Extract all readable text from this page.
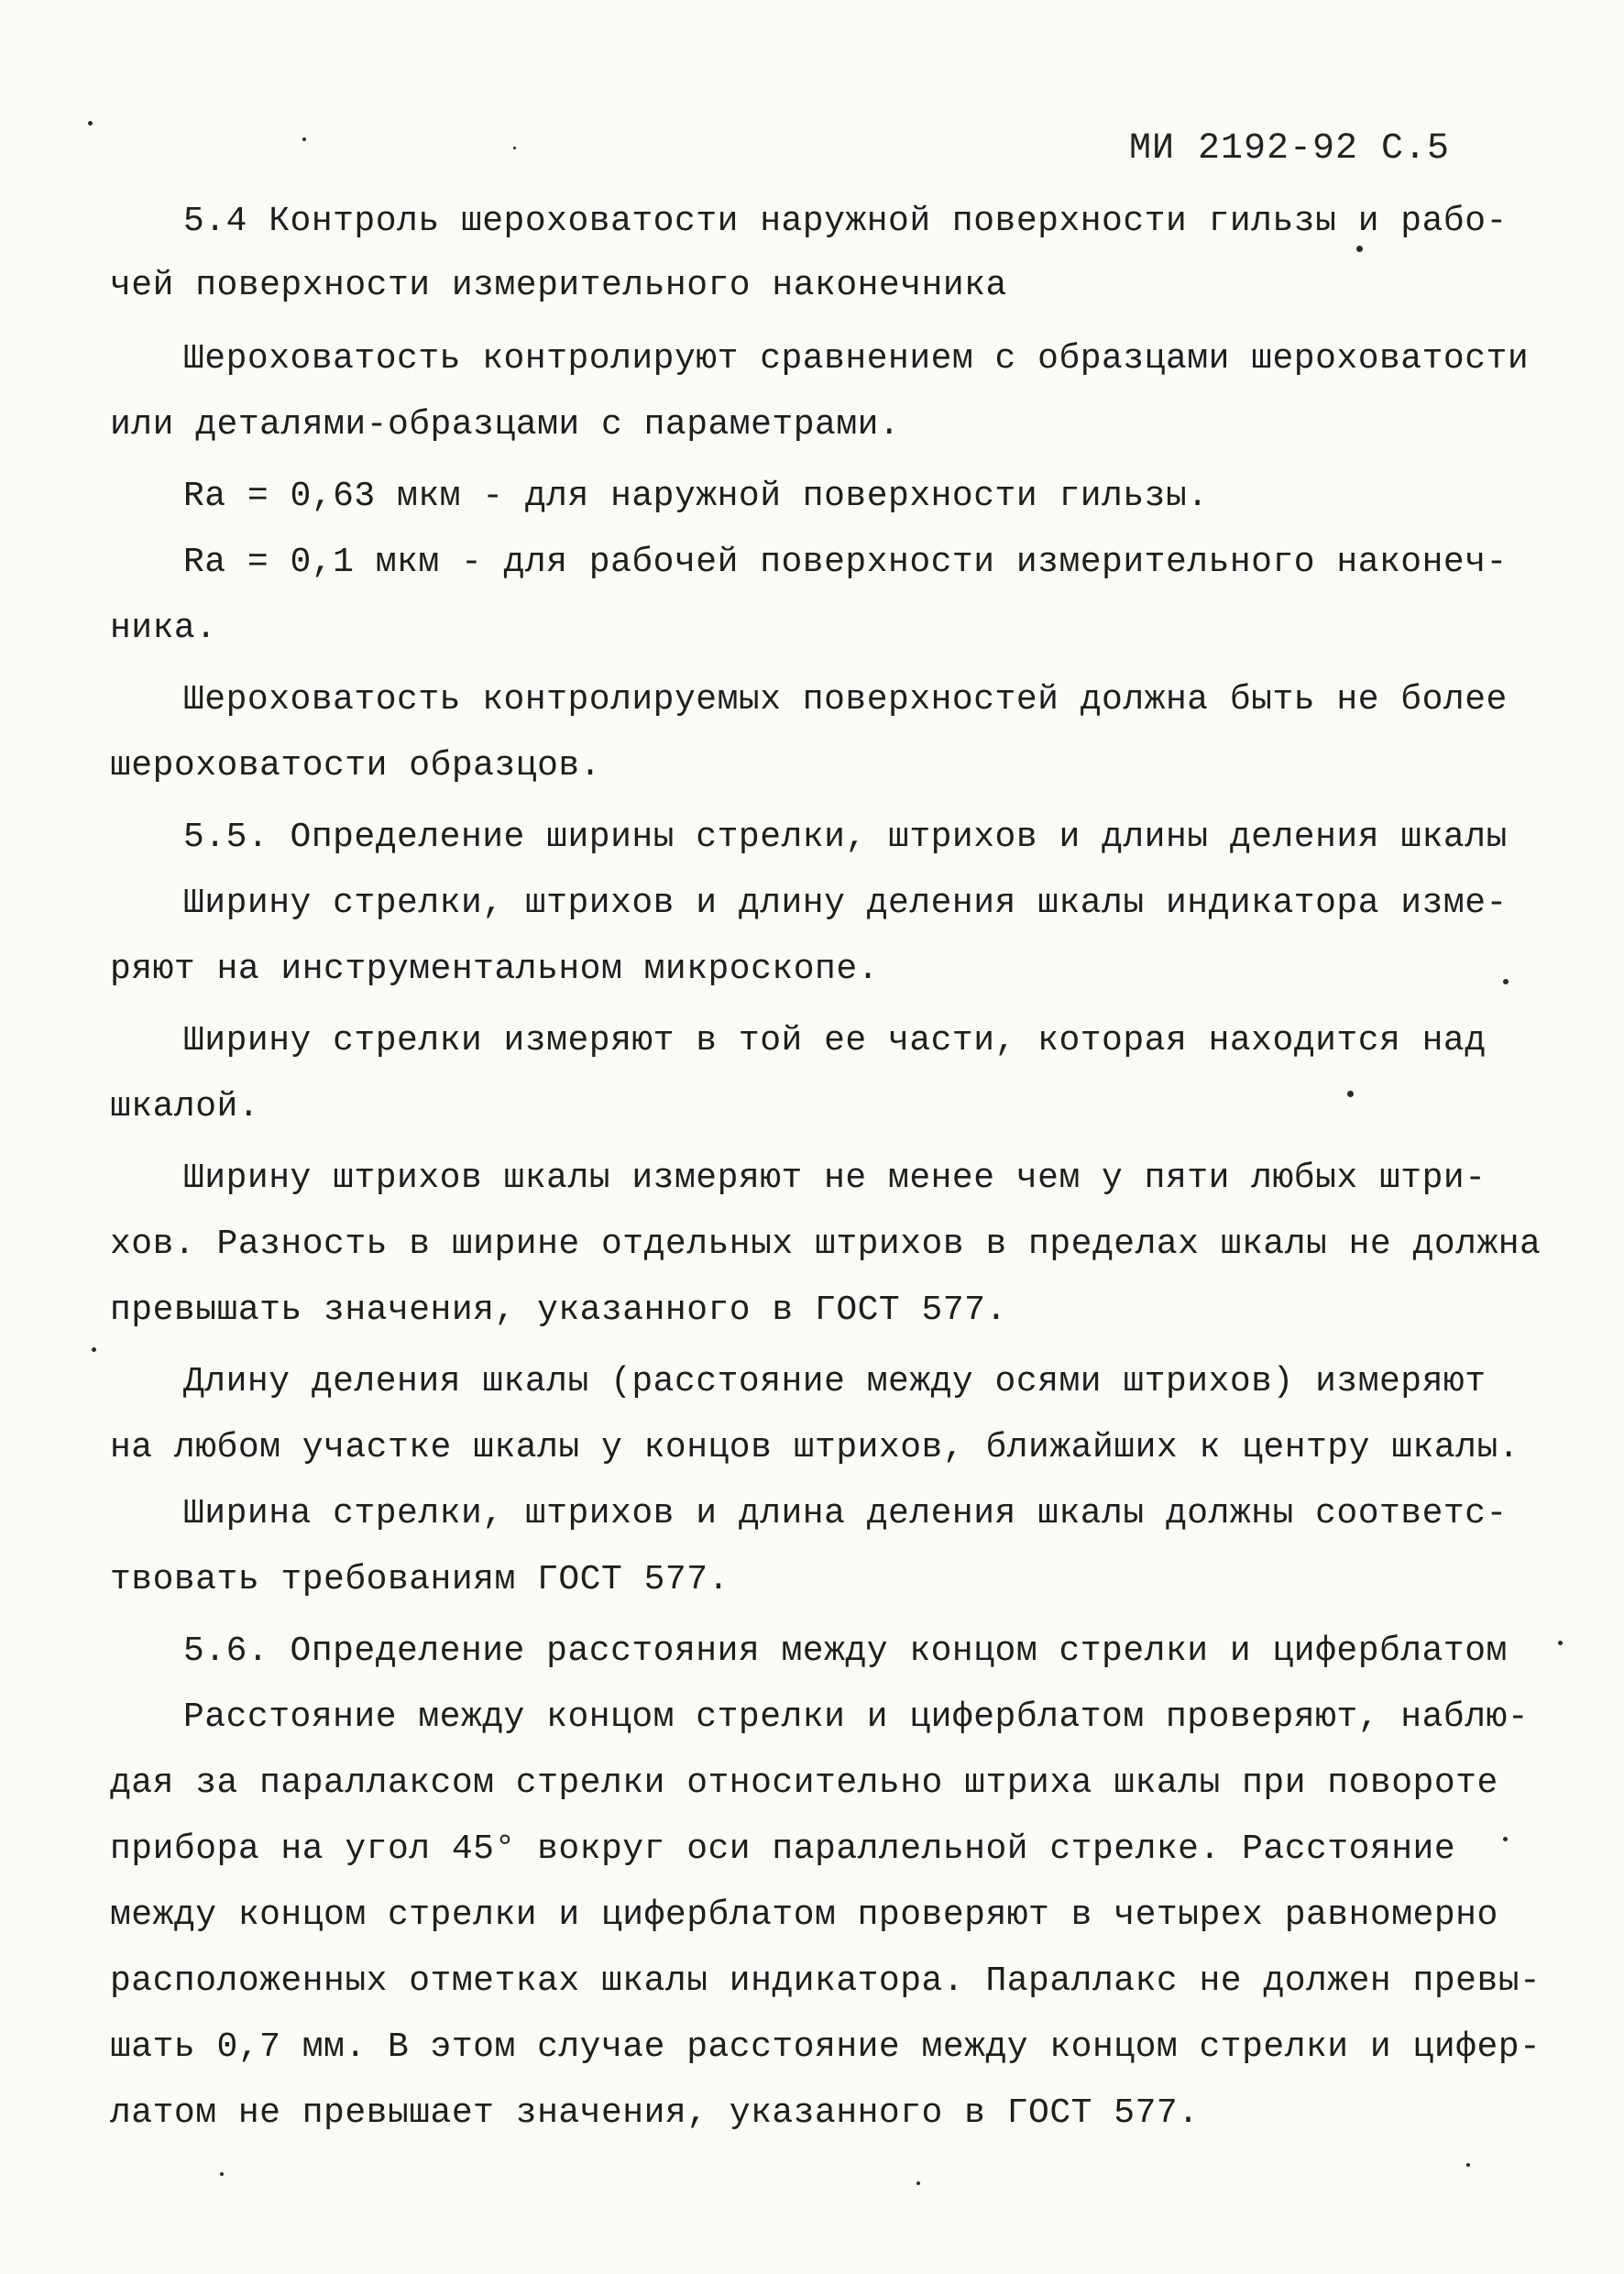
МИ 2192-92 С.5
5.4 Контроль шероховатости наружной поверхности гильзы и рабо-
чей поверхности измерительного наконечника
Шероховатость контролируют сравнением с образцами шероховатости
или деталями-образцами с параметрами.
Ra = 0,63 мкм - для наружной поверхности гильзы.
Ra = 0,1 мкм - для рабочей поверхности измерительного наконеч-
ника.
Шероховатость контролируемых поверхностей должна быть не более
шероховатости образцов.
5.5. Определение ширины стрелки, штрихов и длины деления шкалы
Ширину стрелки, штрихов и длину деления шкалы индикатора изме-
ряют на инструментальном микроскопе.
Ширину стрелки измеряют в той ее части, которая находится над
шкалой.
Ширину штрихов шкалы измеряют не менее чем у пяти любых штри-
хов. Разность в ширине отдельных штрихов в пределах шкалы не должна
превышать значения, указанного в ГОСТ 577.
Длину деления шкалы (расстояние между осями штрихов) измеряют
на любом участке шкалы у концов штрихов, ближайших к центру шкалы.
Ширина стрелки, штрихов и длина деления шкалы должны соответс-
твовать требованиям ГОСТ 577.
5.6. Определение расстояния между концом стрелки и циферблатом
Расстояние между концом стрелки и циферблатом проверяют, наблю-
дая за параллаксом стрелки относительно штриха шкалы при повороте
прибора на угол 45° вокруг оси параллельной стрелке. Расстояние
между концом стрелки и циферблатом проверяют в четырех равномерно
расположенных отметках шкалы индикатора. Параллакс не должен превы-
шать 0,7 мм. В этом случае расстояние между концом стрелки и цифер-
латом не превышает значения, указанного в ГОСТ 577.
